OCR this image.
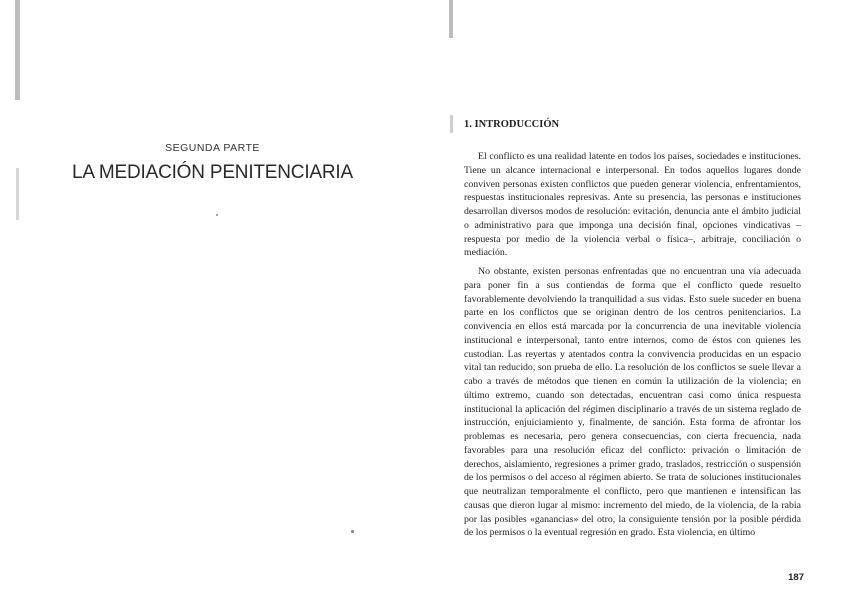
SEGUNDA PARTE
LA MEDIACIÓN PENITENCIARIA
1. INTRODUCCIÓN

El conflicto es una realidad latente en todos los países, sociedades e instituciones. Tiene un alcance internacional e interpersonal. En todos aquellos lugares donde conviven personas existen conflictos que pueden generar violencia, enfrentamientos, respuestas institucionales represivas. Ante su presencia, las personas e instituciones desarrollan diversos modos de resolución: evitación, denuncia ante el ámbito judicial o administrativo para que imponga una decisión final, opciones vindicativas –respuesta por medio de la violencia verbal o física–, arbitraje, conciliación o mediación.

No obstante, existen personas enfrentadas que no encuentran una vía adecuada para poner fin a sus contiendas de forma que el conflicto quede resuelto favorablemente devolviendo la tranquilidad a sus vidas. Esto suele suceder en buena parte en los conflictos que se originan dentro de los centros penitenciarios. La convivencia en ellos está marcada por la concurrencia de una inevitable violencia institucional e interpersonal, tanto entre internos, como de éstos con quienes les custodian. Las reyertas y atentados contra la convivencia producidas en un espacio vital tan reducido, son prueba de ello. La resolución de los conflictos se suele llevar a cabo a través de métodos que tienen en común la utilización de la violencia; en último extremo, cuando son detectadas, encuentran casi como única respuesta institucional la aplicación del régimen disciplinario a través de un sistema reglado de instrucción, enjuiciamiento y, finalmente, de sanción. Esta forma de afrontar los problemas es necesaria, pero genera consecuencias, con cierta frecuencia, nada favorables para una resolución eficaz del conflicto: privación o limitación de derechos, aislamiento, regresiones a primer grado, traslados, restricción o suspensión de los permisos o del acceso al régimen abierto. Se trata de soluciones institucionales que neutralizan temporalmente el conflicto, pero que mantienen e intensifican las causas que dieron lugar al mismo: incremento del miedo, de la violencia, de la rabia por las posibles «ganancias» del otro, la consiguiente tensión por la posible pérdida de los permisos o la eventual regresión en grado. Esta violencia, en último

187
